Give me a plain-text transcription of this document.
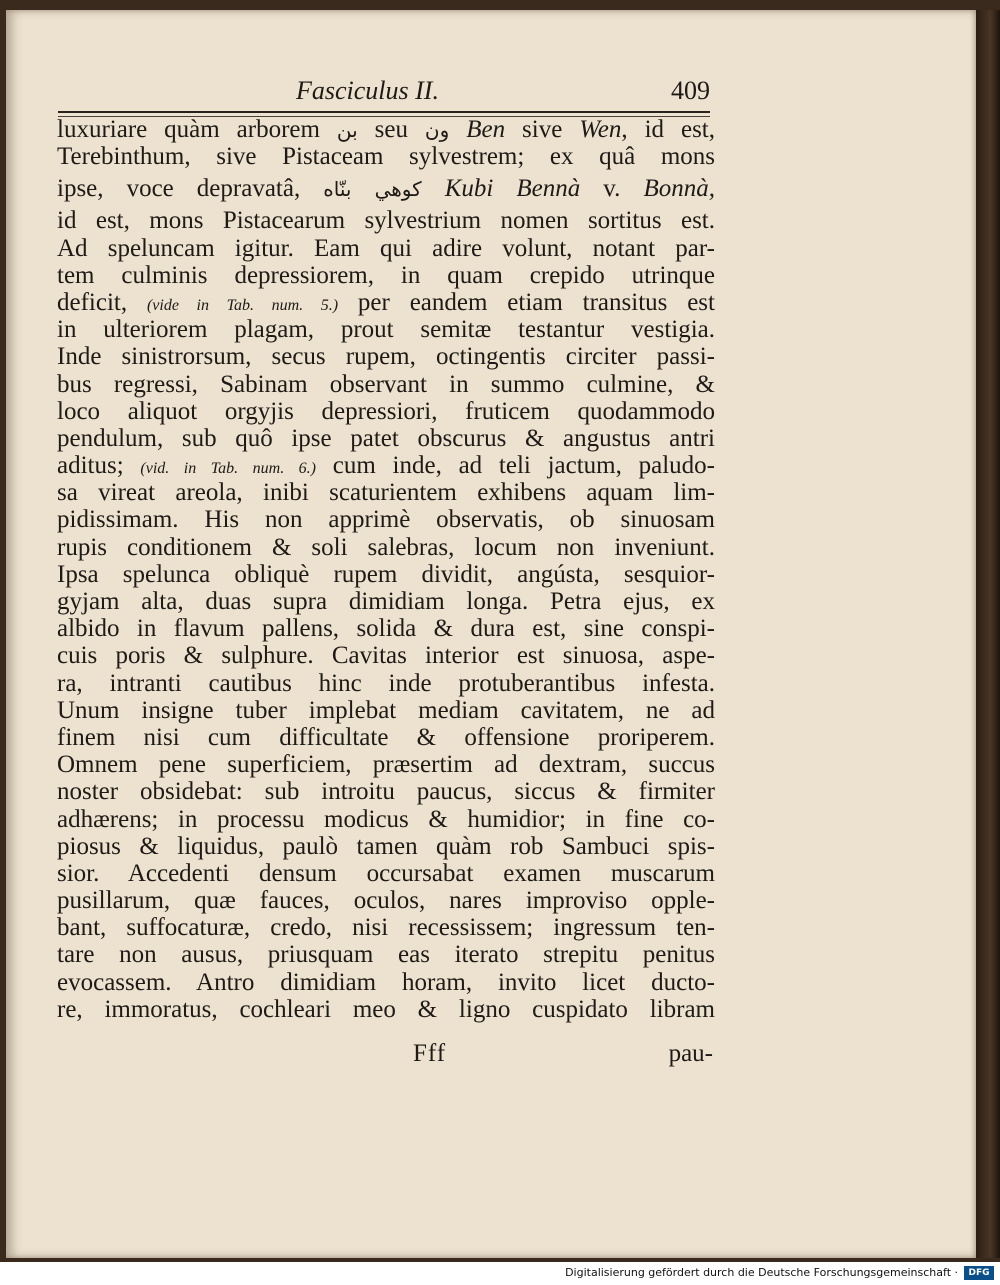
Fasciculus II.	409
luxuriare quàm arborem بن seu ون Ben sive Wen, id est,
Terebinthum, sive Pistaceam sylvestrem; ex quâ mons
ipse, voce depravatâ, كوهي بنّاه Kubi Bennà v. Bonnà,
id est, mons Pistacearum sylvestrium nomen sortitus est.
Ad speluncam igitur. Eam qui adire volunt, notant par-
tem culminis depressiorem, in quam crepido utrinque
deficit, (vide in Tab. num. 5.) per eandem etiam transitus est
in ulteriorem plagam, prout semitæ testantur vestigia.
Inde sinistrorsum, secus rupem, octingentis circiter passi-
bus regressi, Sabinam observant in summo culmine, &
loco aliquot orgyjis depressiori, fruticem quodammodo
pendulum, sub quô ipse patet obscurus & angustus antri
aditus; (vid. in Tab. num. 6.) cum inde, ad teli jactum, paludo-
sa vireat areola, inibi scaturientem exhibens aquam lim-
pidissimam. His non apprimè observatis, ob sinuosam
rupis conditionem & soli salebras, locum non inveniunt.
Ipsa spelunca obliquè rupem dividit, angústa, sesquior-
gyjam alta, duas supra dimidiam longa. Petra ejus, ex
albido in flavum pallens, solida & dura est, sine conspi-
cuis poris & sulphure. Cavitas interior est sinuosa, aspe-
ra, intranti cautibus hinc inde protuberantibus infesta.
Unum insigne tuber implebat mediam cavitatem, ne ad
finem nisi cum difficultate & offensione proriperem.
Omnem pene superficiem, præsertim ad dextram, succus
noster obsidebat: sub introitu paucus, siccus & firmiter
adhærens; in processu modicus & humidior; in fine co-
piosus & liquidus, paulò tamen quàm rob Sambuci spis-
sior. Accedenti densum occursabat examen muscarum
pusillarum, quæ fauces, oculos, nares improviso opple-
bant, suffocaturæ, credo, nisi recessissem; ingressum ten-
tare non ausus, priusquam eas iterato strepitu penitus
evocassem. Antro dimidiam horam, invito licet ducto-
re, immoratus, cochleari meo & ligno cuspidato libram
Fff	pau-
Digitalisierung gefördert durch die Deutsche Forschungsgemeinschaft ·	DFG
